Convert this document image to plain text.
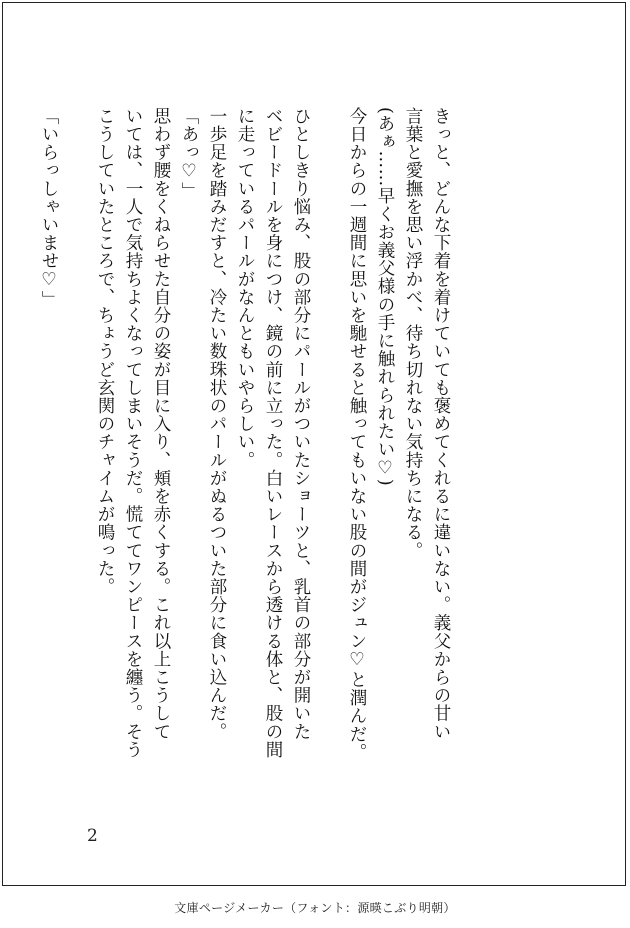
きっと、どんな下着を着けていても褒めてくれるに違いない。義父からの甘い

言葉と愛撫を思い浮かべ、待ち切れない気持ちになる。

(あぁ……早くお義父様の手に触れられたい♡)

今日からの一週間に思いを馳せると触ってもいない股の間がジュン♡と潤んだ。

ひとしきり悩み、股の部分にパールがついたショーツと、乳首の部分が開いた

ベビードールを身につけ、鏡の前に立った。白いレースから透ける体と、股の間

に走っているパールがなんともいやらしい。

一歩足を踏みだすと、冷たい数珠状のパールがぬるついた部分に食い込んだ。

「あっ♡」

思わず腰をくねらせた自分の姿が目に入り、頬を赤くする。これ以上こうして

いては、一人で気持ちよくなってしまいそうだ。慌ててワンピースを纏う。そう

こうしていたところで、ちょうど玄関のチャイムが鳴った。

「いらっしゃいませ♡」

2
文庫ページメーカー（フォント：源暎こぶり明朝）
